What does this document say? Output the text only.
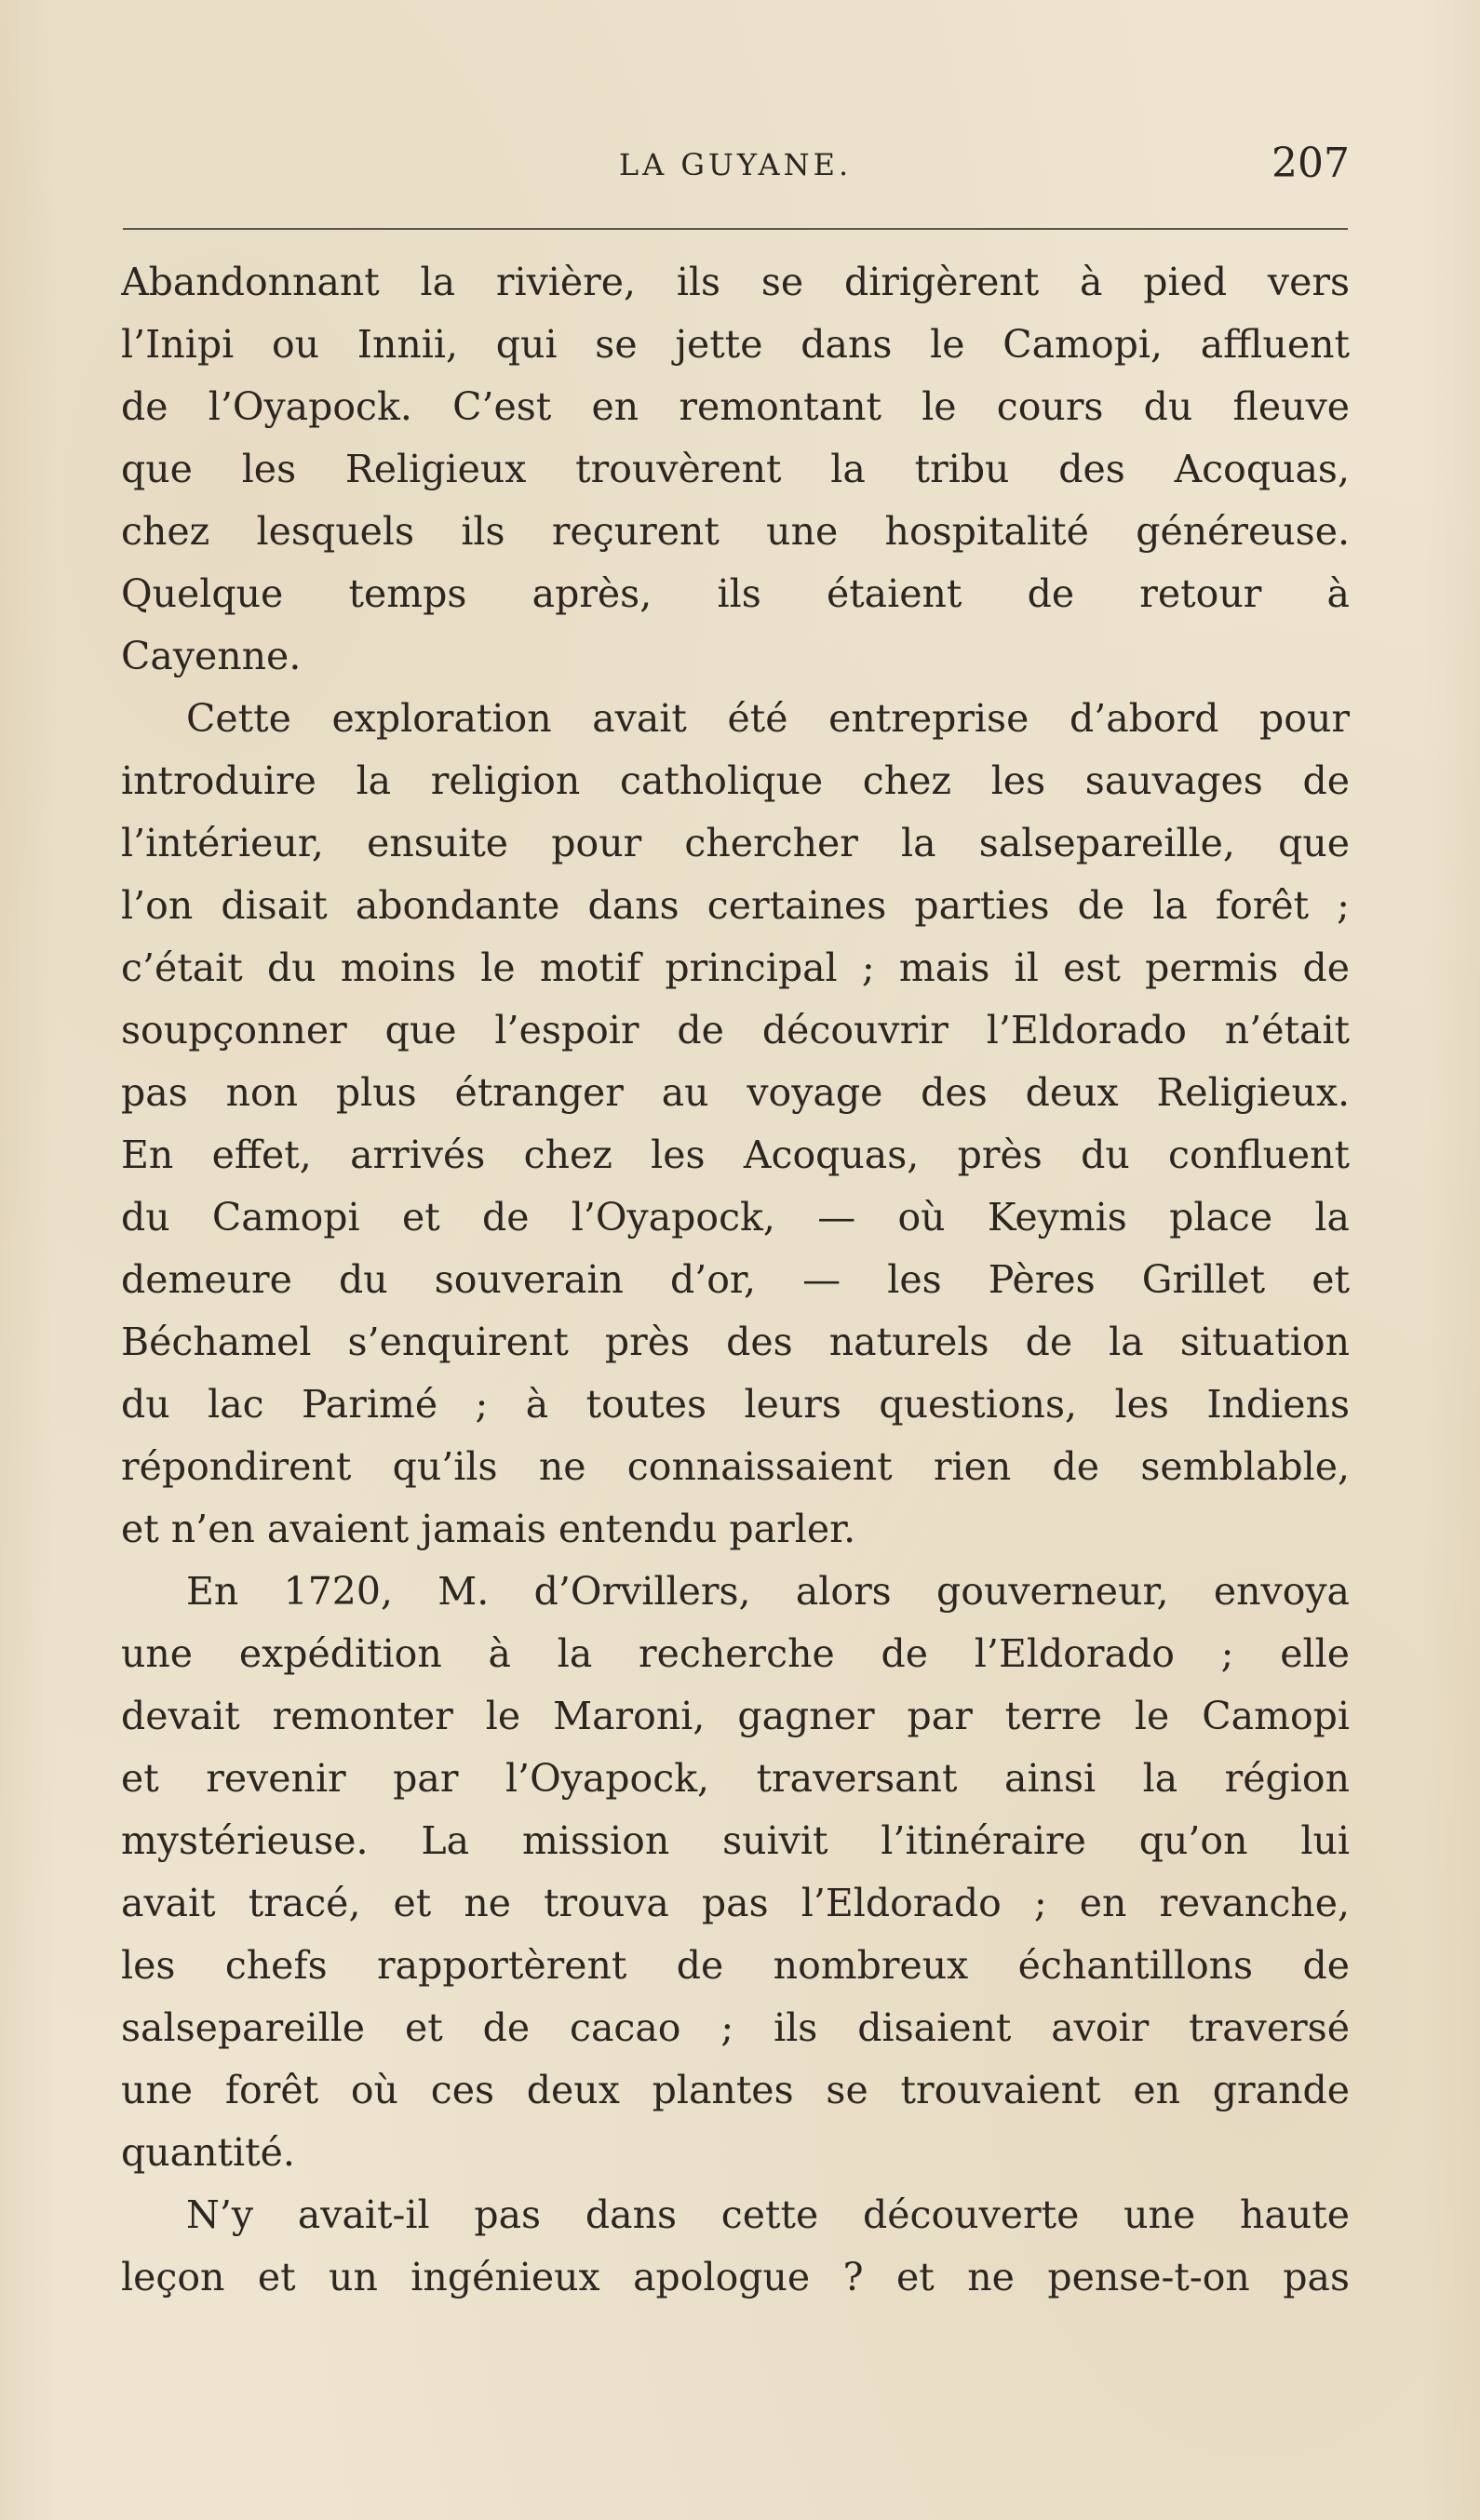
LA GUYANE.	207
Abandonnant la rivière, ils se dirigèrent à pied vers
l’Inipi ou Innii, qui se jette dans le Camopi, affluent
de l’Oyapock. C’est en remontant le cours du fleuve
que les Religieux trouvèrent la tribu des Acoquas,
chez lesquels ils reçurent une hospitalité généreuse.
Quelque temps après, ils étaient de retour à
Cayenne.
Cette exploration avait été entreprise d’abord pour
introduire la religion catholique chez les sauvages de
l’intérieur, ensuite pour chercher la salsepareille, que
l’on disait abondante dans certaines parties de la forêt ;
c’était du moins le motif principal ; mais il est permis de
soupçonner que l’espoir de découvrir l’Eldorado n’était
pas non plus étranger au voyage des deux Religieux.
En effet, arrivés chez les Acoquas, près du confluent
du Camopi et de l’Oyapock, — où Keymis place la
demeure du souverain d’or, — les Pères Grillet et
Béchamel s’enquirent près des naturels de la situation
du lac Parimé ; à toutes leurs questions, les Indiens
répondirent qu’ils ne connaissaient rien de semblable,
et n’en avaient jamais entendu parler.
En 1720, M. d’Orvillers, alors gouverneur, envoya
une expédition à la recherche de l’Eldorado ; elle
devait remonter le Maroni, gagner par terre le Camopi
et revenir par l’Oyapock, traversant ainsi la région
mystérieuse. La mission suivit l’itinéraire qu’on lui
avait tracé, et ne trouva pas l’Eldorado ; en revanche,
les chefs rapportèrent de nombreux échantillons de
salsepareille et de cacao ; ils disaient avoir traversé
une forêt où ces deux plantes se trouvaient en grande
quantité.
N’y avait-il pas dans cette découverte une haute
leçon et un ingénieux apologue ? et ne pense-t-on pas
